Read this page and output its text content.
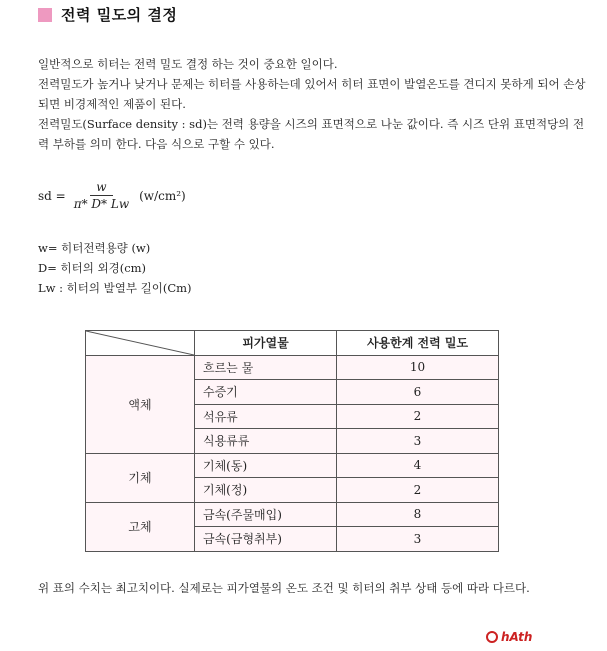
전력 밀도의 결정

일반적으로 히터는 전력 밀도 결정 하는 것이 중요한 일이다.

전력밀도가 높거나 낮거나 문제는 히터를 사용하는데 있어서 히터 표면이 발열온도를 견디지 못하게 되어 손상되면 비경제적인 제품이 된다.

전력밀도(Surface density : sd)는 전력 용량을 시즈의 표면적으로 나눈 값이다. 즉 시즈 단위 표면적당의 전력 부하를 의미 한다. 다음 식으로 구할 수 있다.

sd = $\frac{w}{\pi* D* Lw} (w/cm^2)$

w= 히터전력용량 (w)

D= 히터의 외경(cm)

Lw : 히터의 발열부 길이(Cm)

	피가열물	사용한계 전력 밀도
액체	흐르는 물	10
	수증기	6
	석유류	2
	식용류류	3
기체	기체(동)	4
	기체(정)	2
고체	금속(주물매입)	8
	금속(금형취부)	3

위 표의 수치는 최고치이다. 실제로는 피가열물의 온도 조건 및 히터의 취부 상태 등에 따라 다르다.

hAth
